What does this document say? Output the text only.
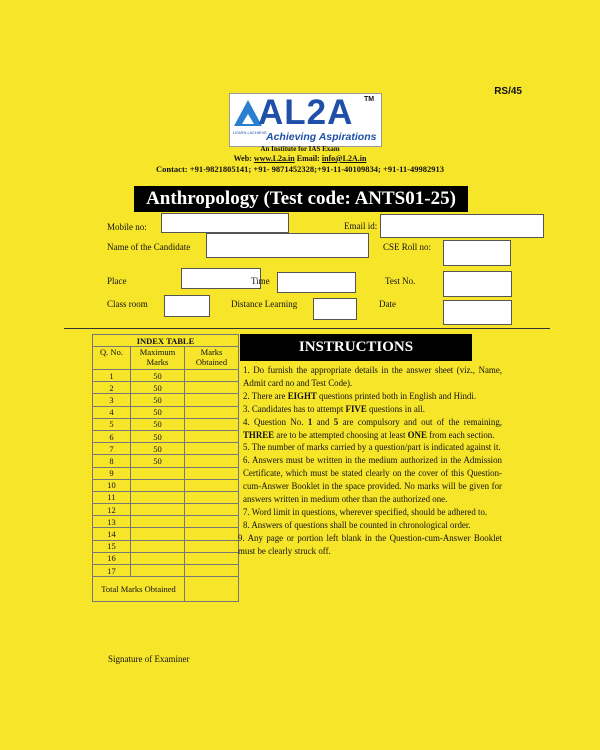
RS/45
AL2A TM
LEARN | ACHIEVE Achieving Aspirations
An Institute for IAS Exam
Web: www.L2a.in Email: info@L2A.in
Contact: +91-9821805141; +91- 9871452328;+91-11-40109834; +91-11-49982913
Anthropology (Test code: ANTS01-25)
Mobile no:	Email id:
Name of the Candidate	CSE Roll no:
Place	Time	Test No.
Class room	Distance Learning	Date
INDEX TABLE		
Q. No.	Maximum Marks	Marks Obtained
1	50	
2	50	
3	50	
4	50	
5	50	
6	50	
7	50	
8	50	
9		
10		
11		
12		
13		
14		
15		
16		
17		
Total Marks Obtained		
INSTRUCTIONS

1. Do furnish the appropriate details in the answer sheet (viz., Name, Admit card no and Test Code).

2. There are EIGHT questions printed both in English and Hindi.

3. Candidates has to attempt FIVE questions in all.

4. Question No. 1 and 5 are compulsory and out of the remaining, THREE are to be attempted choosing at least ONE from each section.

5. The number of marks carried by a question/part is indicated against it.

6. Answers must be written in the medium authorized in the Admission Certificate, which must be stated clearly on the cover of this Question-cum-Answer Booklet in the space provided. No marks will be given for answers written in medium other than the authorized one.

7. Word limit in questions, wherever specified, should be adhered to.

8. Answers of questions shall be counted in chronological order.

9. Any page or portion left blank in the Question-cum-Answer Booklet must be clearly struck off.

Signature of Examiner
